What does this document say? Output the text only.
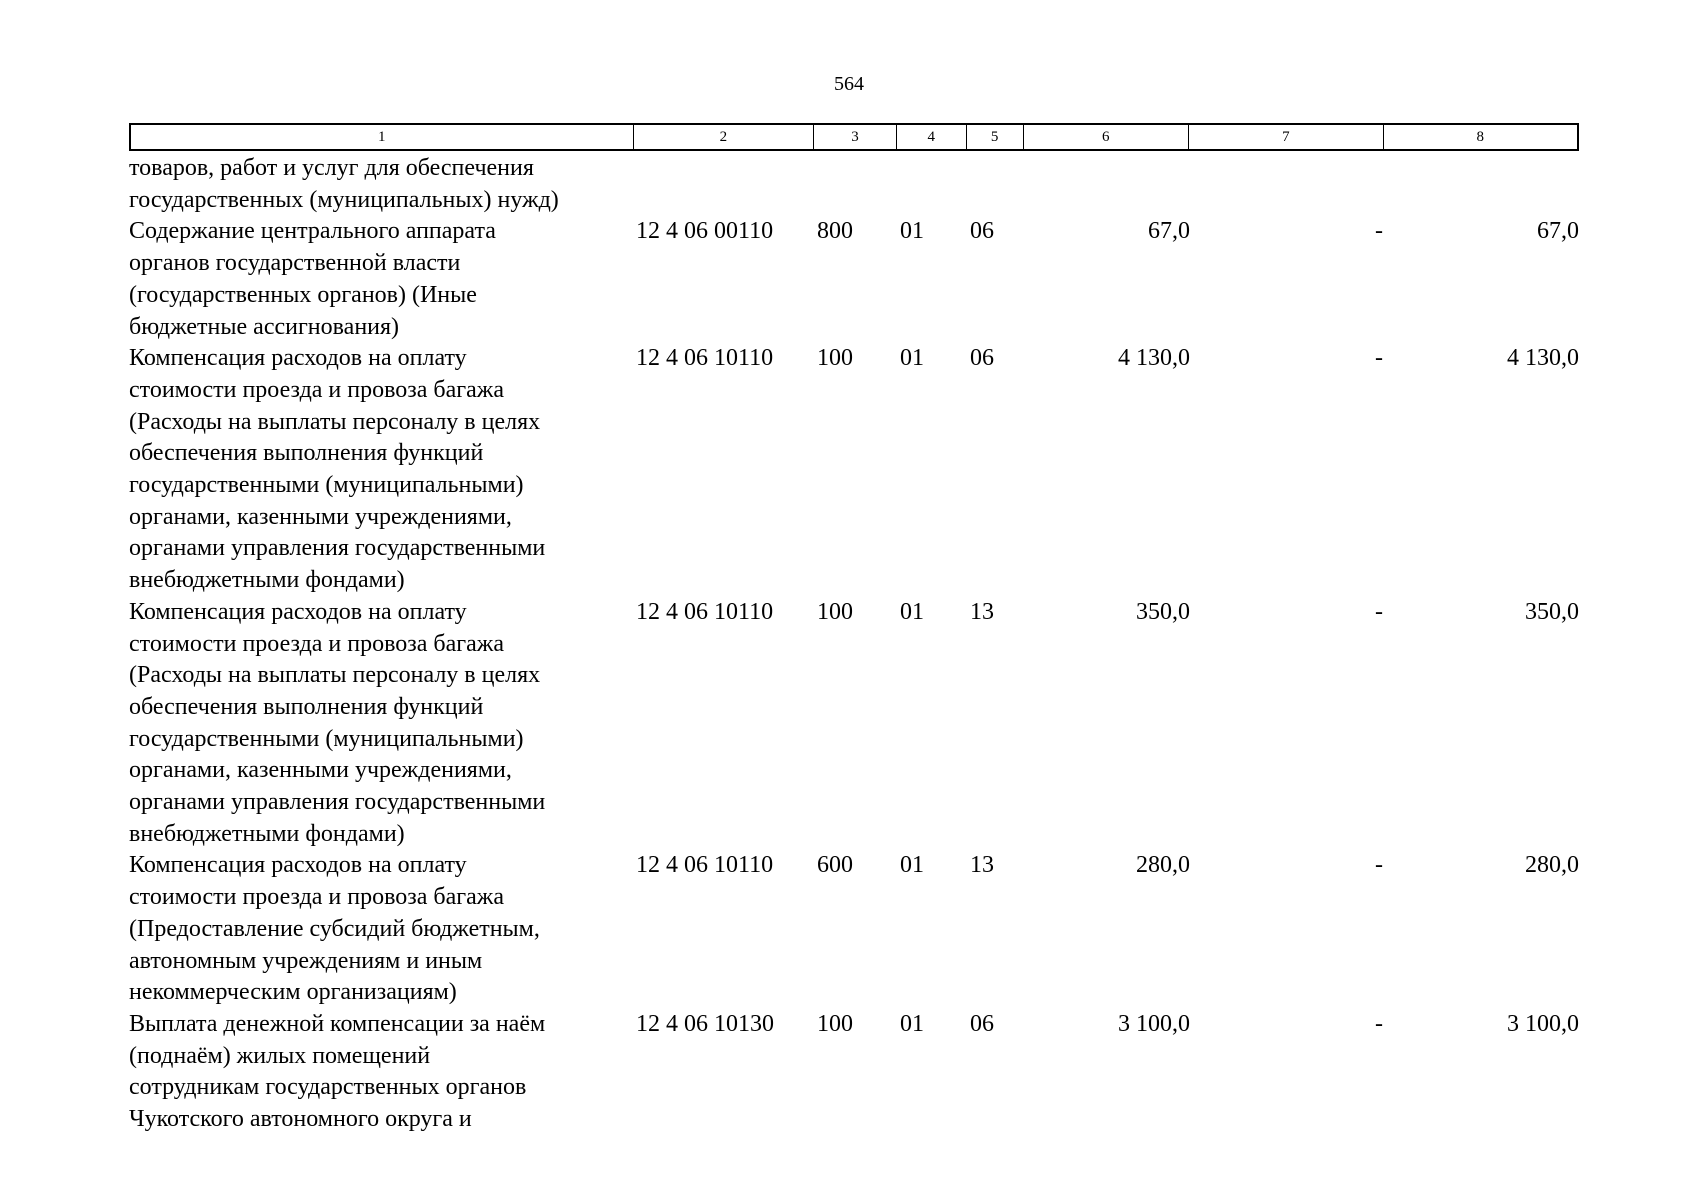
564
1	2	3	4	5	6	7	8
товаров, работ и услуг для обеспечения
государственных (муниципальных) нужд)
Содержание центрального аппарата
органов государственной власти
(государственных органов) (Иные
бюджетные ассигнования)
12 4 06 00110	800	01	06	67,0	-	67,0
Компенсация расходов на оплату
стоимости проезда и провоза багажа
(Расходы на выплаты персоналу в целях
обеспечения выполнения функций
государственными (муниципальными)
органами, казенными учреждениями,
органами управления государственными
внебюджетными фондами)
12 4 06 10110	100	01	06	4 130,0	-	4 130,0
Компенсация расходов на оплату
стоимости проезда и провоза багажа
(Расходы на выплаты персоналу в целях
обеспечения выполнения функций
государственными (муниципальными)
органами, казенными учреждениями,
органами управления государственными
внебюджетными фондами)
12 4 06 10110	100	01	13	350,0	-	350,0
Компенсация расходов на оплату
стоимости проезда и провоза багажа
(Предоставление субсидий бюджетным,
автономным учреждениям и иным
некоммерческим организациям)
12 4 06 10110	600	01	13	280,0	-	280,0
Выплата денежной компенсации за наём
(поднаём) жилых помещений
сотрудникам государственных органов
Чукотского автономного округа и
12 4 06 10130	100	01	06	3 100,0	-	3 100,0
